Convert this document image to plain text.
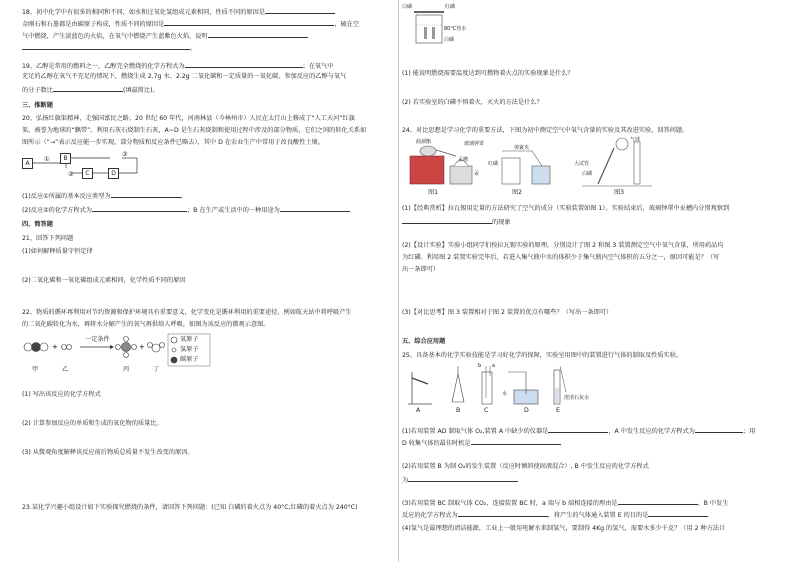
18、初中化学中有很多的相同和不同，如水和过氧化氢组成元素相同，性质不同的原因是
金刚石和石墨都是由碳原子构成，性质不同的原因是	，硫在空
气中燃烧，产生淡蓝色的火焰，在氧气中燃烧产生蓝紫色火焰，说明
。
19、乙醇是常用的燃料之一，乙醇完全燃烧的化学方程式为	；在氧气中
充足的乙醇在氧气不充足的情况下，燃烧生成 2.7g 水、2.2g 二氧化碳和一定质量的一氧化碳，参加反应的乙醇与氧气
的分子数比	(填最简比)。
三、推断题
20、弘扬红旗渠精神，走强国富民之路。20 世纪 60 年代，河南林县（今林州市）人民在太行山上修成了“人工天河”红旗
渠，被誉为地球的“飘带”。利用石灰石烧制生石灰，A~D 是生石灰烧制和使用过程中涉及的部分物质，它们之间的转化关系如
图所示（“→”表示反应能一步实现，部分物质和反应条件已略去），其中 D 在农业生产中常用于改良酸性土壤。
A
B
C	D
①
②
③
(1)反应①所属的基本反应类型为	。
(2)反应②的化学方程式为	；B 在生产或生活中的一种用途为
四、简答题
21、回答下列问题
(1)如何解释质量守恒定律
(2)二氧化碳和一氧化碳组成元素相同，化学性质不同的原因
22、物质的循环再利用对节约资源和保护环境具有重要意义，化学变化是循环利用的重要途径，例如航天站中将呼吸产生
的二氧化碳转化为水，再将水分解产生的氧气再供给人呼吸，如图为该反应的微观示意图。
+	+
甲	乙
一定条件
丙	丁
氧原子
氢原子
碳原子
(1) 写出该反应的化学方程式
(2) 计算参加反应的单质和生成的氧化物的质量比。
(3) 从微观角度解释该反应前后物质总质量不发生改变的原因。
23.某化学兴趣小组设计如下实验探究燃烧的条件，请回答下列问题：(已知 白磷的着火点为 40°C,红磷的着火点为 240°C)
白磷	红磷
80°C热水
白磷
(1) 能说明燃烧需要温度达到可燃物着火点的实验现象是什么？
(2) 若实验室的白磷不慎着火，灭火的方法是什么？
24、对比思想是学习化学的重要方法，下图为初中测定空气中氧气含量的实验及其改进实验，回答问题。
图1	图2	图3
曲颈甑	玻璃钟罩
汞
汞槽
弹簧夹
红磷
气球
大试管
白磷
(1)【经典赏析】拉瓦锡用定量的方法研究了空气的成分（实验装置如图 1）。实验结束后，玻璃钟罩中汞槽内分别观察到
的现象
(2)【设计实验】实验小组同学们按拉瓦锡实验的原理，分别设计了图 2 和图 3 装置测定空气中氧气含量，所用药品均
为红磷。利用图 2 装置实验完毕后，若进入集气瓶中水的体积少于集气瓶内空气体积的五分之一，原因可能是？（写
出一条即可）
(3)【对比思考】图 3 装置相对于图 2 装置的优点有哪些？（写出一条即可）
五、综合应用题
25、具备基本的化学实验技能是学习好化学的保障，实验室用图中的装置进行气体的制取及性质实验。
A	B	C	D	E
b a
水
澄清石灰水
(1)若用装置 AD 制取气体 O₂,装置 A 中缺少的仪器是	，A 中发生反应的化学方程式为	；用
D 收集气体的最佳时机是
(2)若用装置 B 为制 O₂的发生装置（反应时倾斜使固液混合）, B 中发生反应的化学方程式
为
(3)若用装置 BC 制取气体 CO₂，连接装置 BC 时，a 端与 b 端相连接的理由是	。B 中发生
反应的化学方程式为	，将产生的气体通入装置 E 的目的是
(4)氢气是最理想的清洁能源，工业上一般用电解水来制氢气，要制得 4Kg 的氢气，需要水多少千克？（用 2 种方法计
